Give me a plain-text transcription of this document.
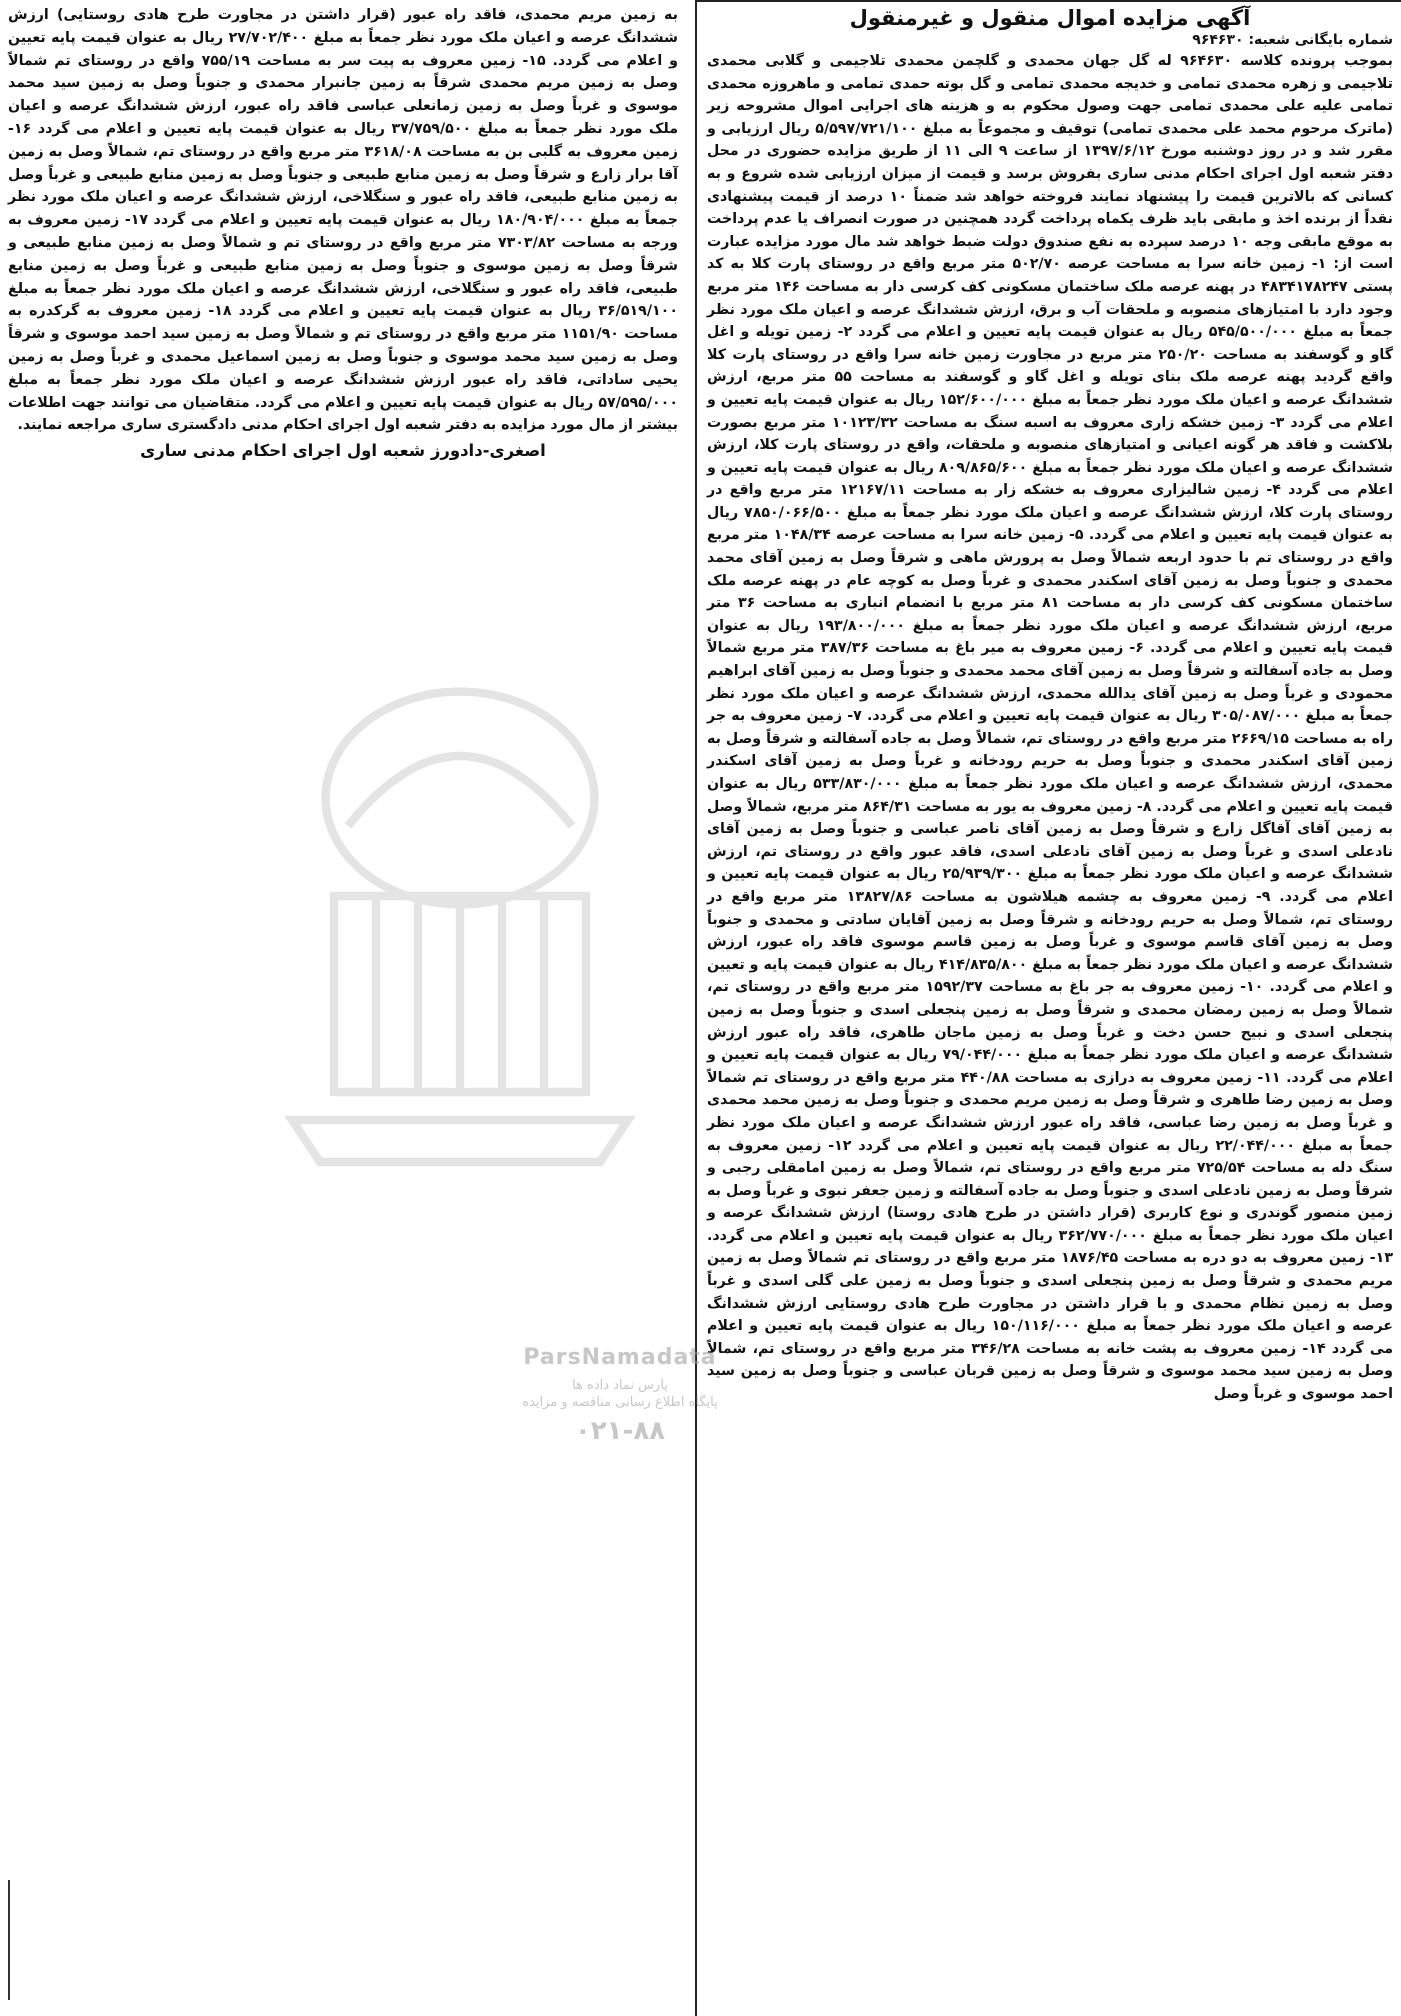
آگهی مزایده اموال منقول و غیرمنقول
شماره بایگانی شعبه: ۹۶۴۶۳۰
بموجب پرونده کلاسه ۹۶۴۶۳۰ له گل جهان محمدی و گلچمن محمدی تلاجیمی و گلابی محمدی تلاجیمی و زهره محمدی تمامی و خدیجه محمدی تمامی و گل بوته حمدی تمامی و ماهروزه محمدی تمامی علیه علی محمدی تمامی جهت وصول محکوم به و هزینه های اجرایی اموال مشروحه زیر (ماترک مرحوم محمد علی محمدی تمامی) توقیف و مجموعاً به مبلغ ۵/۵۹۷/۷۲۱/۱۰۰ ریال ارزیابی و مقرر شد و در روز دوشنبه مورخ ۱۳۹۷/۶/۱۲ از ساعت ۹ الی ۱۱ از طریق مزایده حضوری در محل دفتر شعبه اول اجرای احکام مدنی ساری بفروش برسد و قیمت از میزان ارزیابی شده شروع و به کسانی که بالاترین قیمت را پیشنهاد نمایند فروخته خواهد شد ضمناً ۱۰ درصد از قیمت پیشنهادی نقداً از برنده اخذ و مابقی باید ظرف یکماه پرداخت گردد همچنین در صورت انصراف یا عدم پرداخت به موقع مابقی وجه ۱۰ درصد سپرده به نفع صندوق دولت ضبط خواهد شد مال مورد مزایده عبارت است از: ۱- زمین خانه سرا به مساحت عرصه ۵۰۲/۷۰ متر مربع واقع در روستای پارت کلا به کد پستی ۴۸۳۴۱۷۸۲۴۷ در پهنه عرصه ملک ساختمان مسکونی کف کرسی دار به مساحت ۱۴۶ متر مربع وجود دارد با امتیازهای منصوبه و ملحقات آب و برق، ارزش ششدانگ عرصه و اعیان ملک مورد نظر جمعاً به مبلغ ۵۴۵/۵۰۰/۰۰۰ ریال به عنوان قیمت پایه تعیین و اعلام می گردد ۲- زمین تویله و اغل گاو و گوسفند به مساحت ۲۵۰/۲۰ متر مربع در مجاورت زمین خانه سرا واقع در روستای پارت کلا واقع گردید پهنه عرصه ملک بنای تویله و اغل گاو و گوسفند به مساحت ۵۵ متر مربع، ارزش ششدانگ عرصه و اعیان ملک مورد نظر جمعاً به مبلغ ۱۵۲/۶۰۰/۰۰۰ ریال به عنوان قیمت پایه تعیین و اعلام می گردد ۳- زمین خشکه زاری معروف به اسبه سنگ به مساحت ۱۰۱۲۳/۳۲ متر مربع بصورت بلاکشت و فاقد هر گونه اعیانی و امتیازهای منصوبه و ملحقات، واقع در روستای پارت کلا، ارزش ششدانگ عرصه و اعیان ملک مورد نظر جمعاً به مبلغ ۸۰۹/۸۶۵/۶۰۰ ریال به عنوان قیمت پایه تعیین و اعلام می گردد ۴- زمین شالیزاری معروف به خشکه زار به مساحت ۱۲۱۶۷/۱۱ متر مربع واقع در روستای پارت کلا، ارزش ششدانگ عرصه و اعیان ملک مورد نظر جمعاً به مبلغ ۷۸۵۰/۰۶۶/۵۰۰ ریال به عنوان قیمت پایه تعیین و اعلام می گردد. ۵- زمین خانه سرا به مساحت عرصه ۱۰۴۸/۳۴ متر مربع واقع در روستای تم با حدود اربعه شمالاً وصل به پرورش ماهی و شرقاً وصل به زمین آقای محمد محمدی و جنوباً وصل به زمین آقای اسکندر محمدی و غرباً وصل به کوچه عام در پهنه عرصه ملک ساختمان مسکونی کف کرسی دار به مساحت ۸۱ متر مربع با انضمام انباری به مساحت ۳۶ متر مربع، ارزش ششدانگ عرصه و اعیان ملک مورد نظر جمعاً به مبلغ ۱۹۳/۸۰۰/۰۰۰ ریال به عنوان قیمت پایه تعیین و اعلام می گردد. ۶- زمین معروف به میر باغ به مساحت ۳۸۷/۳۶ متر مربع شمالاً وصل به جاده آسفالته و شرقاً وصل به زمین آقای محمد محمدی و جنوباً وصل به زمین آقای ابراهیم محمودی و غرباً وصل به زمین آقای یدالله محمدی، ارزش ششدانگ عرصه و اعیان ملک مورد نظر جمعاً به مبلغ ۳۰۵/۰۸۷/۰۰۰ ریال به عنوان قیمت پایه تعیین و اعلام می گردد. ۷- زمین معروف به جر راه به مساحت ۲۶۶۹/۱۵ متر مربع واقع در روستای تم، شمالاً وصل به جاده آسفالته و شرقاً وصل به زمین آقای اسکندر محمدی و جنوباً وصل به حریم رودخانه و غرباً وصل به زمین آقای اسکندر محمدی، ارزش ششدانگ عرصه و اعیان ملک مورد نظر جمعاً به مبلغ ۵۳۳/۸۳۰/۰۰۰ ریال به عنوان قیمت پایه تعیین و اعلام می گردد. ۸- زمین معروف به یور به مساحت ۸۶۴/۳۱ متر مربع، شمالاً وصل به زمین آقای آقاگل زارع و شرقاً وصل به زمین آقای ناصر عباسی و جنوباً وصل به زمین آقای نادعلی اسدی و غرباً وصل به زمین آقای نادعلی اسدی، فاقد عبور واقع در روستای تم، ارزش ششدانگ عرصه و اعیان ملک مورد نظر جمعاً به مبلغ ۲۵/۹۳۹/۳۰۰ ریال به عنوان قیمت پایه تعیین و اعلام می گردد. ۹- زمین معروف به چشمه هیلاشون به مساحت ۱۳۸۲۷/۸۶ متر مربع واقع در روستای تم، شمالاً وصل به حریم رودخانه و شرقاً وصل به زمین آقایان سادتی و محمدی و جنوباً وصل به زمین آقای قاسم موسوی و غرباً وصل به زمین قاسم موسوی فاقد راه عبور، ارزش ششدانگ عرصه و اعیان ملک مورد نظر جمعاً به مبلغ ۴۱۴/۸۳۵/۸۰۰ ریال به عنوان قیمت پایه و تعیین و اعلام می گردد. ۱۰- زمین معروف به جر باغ به مساحت ۱۵۹۲/۳۷ متر مربع واقع در روستای تم، شمالاً وصل به زمین رمضان محمدی و شرقاً وصل به زمین پنجعلی اسدی و جنوباً وصل به زمین پنجعلی اسدی و نبیح حسن دخت و غرباً وصل به زمین ماجان طاهری، فاقد راه عبور ارزش ششدانگ عرصه و اعیان ملک مورد نظر جمعاً به مبلغ ۷۹/۰۴۴/۰۰۰ ریال به عنوان قیمت پایه تعیین و اعلام می گردد. ۱۱- زمین معروف به درازی به مساحت ۴۴۰/۸۸ متر مربع واقع در روستای تم شمالاً وصل به زمین رضا طاهری و شرقاً وصل به زمین مریم محمدی و جنوباً وصل به زمین محمد محمدی و غرباً وصل به زمین رضا عباسی، فاقد راه عبور ارزش ششدانگ عرصه و اعیان ملک مورد نظر جمعاً به مبلغ ۲۲/۰۴۴/۰۰۰ ریال به عنوان قیمت پایه تعیین و اعلام می گردد ۱۲- زمین معروف به سنگ دله به مساحت ۷۲۵/۵۴ متر مربع واقع در روستای تم، شمالاً وصل به زمین امامقلی رجبی و شرقاً وصل به زمین نادعلی اسدی و جنوباً وصل به جاده آسفالته و زمین جعفر نبوی و غرباً وصل به زمین منصور گوندری و نوع کاربری (قرار داشتن در طرح هادی روستا) ارزش ششدانگ عرصه و اعیان ملک مورد نظر جمعاً به مبلغ ۳۶۲/۷۷۰/۰۰۰ ریال به عنوان قیمت پایه تعیین و اعلام می گردد. ۱۳- زمین معروف به دو دره به مساحت ۱۸۷۶/۴۵ متر مربع واقع در روستای تم شمالاً وصل به زمین مریم محمدی و شرقاً وصل به زمین پنجعلی اسدی و جنوباً وصل به زمین علی گلی اسدی و غرباً وصل به زمین نظام محمدی و با قرار داشتن در مجاورت طرح هادی روستایی ارزش ششدانگ عرصه و اعیان ملک مورد نظر جمعاً به مبلغ ۱۵۰/۱۱۶/۰۰۰ ریال به عنوان قیمت پایه تعیین و اعلام می گردد ۱۴- زمین معروف به پشت خانه به مساحت ۳۴۶/۲۸ متر مربع واقع در روستای تم، شمالاً وصل به زمین سید محمد موسوی و شرقاً وصل به زمین قربان عباسی و جنوباً وصل به زمین سید احمد موسوی و غرباً وصل
به زمین مریم محمدی، فاقد راه عبور (قرار داشتن در مجاورت طرح هادی روستایی) ارزش ششدانگ عرصه و اعیان ملک مورد نظر جمعاً به مبلغ ۲۷/۷۰۲/۴۰۰ ریال به عنوان قیمت پایه تعیین و اعلام می گردد. ۱۵- زمین معروف به پیت سر به مساحت ۷۵۵/۱۹ واقع در روستای تم شمالاً وصل به زمین مریم محمدی شرقاً به زمین جانبرار محمدی و جنوباً وصل به زمین سید محمد موسوی و غرباً وصل به زمین زمانعلی عباسی فاقد راه عبور، ارزش ششدانگ عرصه و اعیان ملک مورد نظر جمعاً به مبلغ ۳۷/۷۵۹/۵۰۰ ریال به عنوان قیمت پایه تعیین و اعلام می گردد ۱۶- زمین معروف به گلبی بن به مساحت ۳۶۱۸/۰۸ متر مربع واقع در روستای تم، شمالاً وصل به زمین آقا برار زارع و شرقاً وصل به زمین منابع طبیعی و جنوباً وصل به زمین منابع طبیعی و غرباً وصل به زمین منابع طبیعی، فاقد راه عبور و سنگلاخی، ارزش ششدانگ عرصه و اعیان ملک مورد نظر جمعاً به مبلغ ۱۸۰/۹۰۴/۰۰۰ ریال به عنوان قیمت پایه تعیین و اعلام می گردد ۱۷- زمین معروف به ورجه به مساحت ۷۳۰۳/۸۲ متر مربع واقع در روستای تم و شمالاً وصل به زمین منابع طبیعی و شرقاً وصل به زمین موسوی و جنوباً وصل به زمین منابع طبیعی و غرباً وصل به زمین منابع طبیعی، فاقد راه عبور و سنگلاخی، ارزش ششدانگ عرصه و اعیان ملک مورد نظر جمعاً به مبلغ ۳۶/۵۱۹/۱۰۰ ریال به عنوان قیمت پایه تعیین و اعلام می گردد ۱۸- زمین معروف به گرکدره به مساحت ۱۱۵۱/۹۰ متر مربع واقع در روستای تم و شمالاً وصل به زمین سید احمد موسوی و شرقاً وصل به زمین سید محمد موسوی و جنوباً وصل به زمین اسماعیل محمدی و غرباً وصل به زمین یحیی ساداتی، فاقد راه عبور ارزش ششدانگ عرصه و اعیان ملک مورد نظر جمعاً به مبلغ ۵۷/۵۹۵/۰۰۰ ریال به عنوان قیمت پایه تعیین و اعلام می گردد. متقاضیان می توانند جهت اطلاعات بیشتر از مال مورد مزایده به دفتر شعبه اول اجرای احکام مدنی دادگستری ساری مراجعه نمایند.
اصغری-دادورز شعبه اول اجرای احکام مدنی ساری
ParsNamadata
پارس نماد داده ها
پایگاه اطلاع رسانی مناقصه و مزایده
۰۲۱-۸۸
